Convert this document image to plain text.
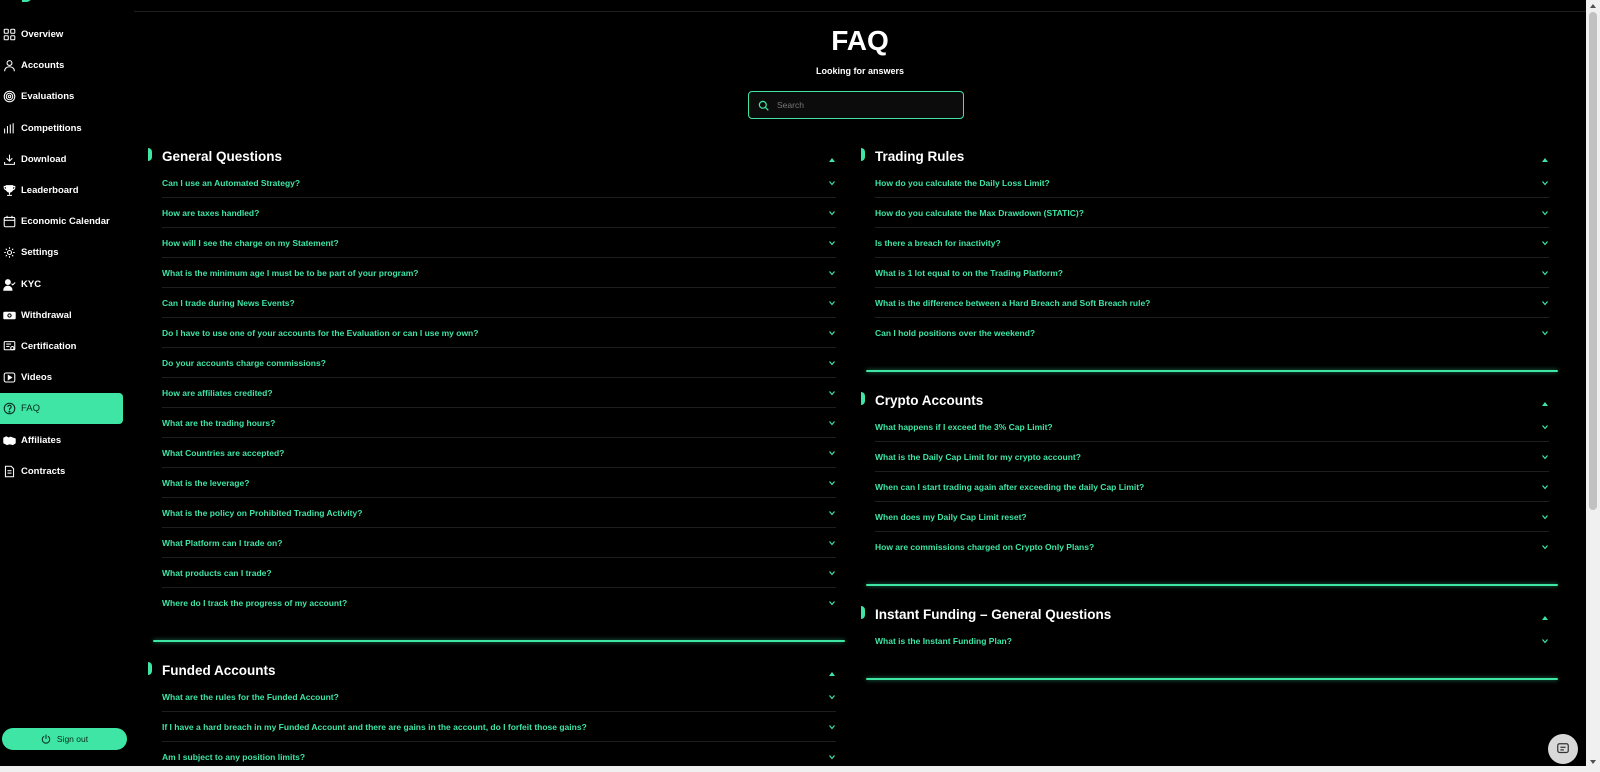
Overview
Accounts
Evaluations
Competitions
Download
Leaderboard
Economic Calendar
Settings
KYC
Withdrawal
Certification
Videos
FAQ
Affiliates
Contracts
Sign out
FAQ
Looking for answers
Search
General Questions
Can I use an Automated Strategy?
How are taxes handled?
How will I see the charge on my Statement?
What is the minimum age I must be to be part of your program?
Can I trade during News Events?
Do I have to use one of your accounts for the Evaluation or can I use my own?
Do your accounts charge commissions?
How are affiliates credited?
What are the trading hours?
What Countries are accepted?
What is the leverage?
What is the policy on Prohibited Trading Activity?
What Platform can I trade on?
What products can I trade?
Where do I track the progress of my account?
Funded Accounts
What are the rules for the Funded Account?
If I have a hard breach in my Funded Account and there are gains in the account, do I forfeit those gains?
Am I subject to any position limits?
Trading Rules
How do you calculate the Daily Loss Limit?
How do you calculate the Max Drawdown (STATIC)?
Is there a breach for inactivity?
What is 1 lot equal to on the Trading Platform?
What is the difference between a Hard Breach and Soft Breach rule?
Can I hold positions over the weekend?
Crypto Accounts
What happens if I exceed the 3% Cap Limit?
What is the Daily Cap Limit for my crypto account?
When can I start trading again after exceeding the daily Cap Limit?
When does my Daily Cap Limit reset?
How are commissions charged on Crypto Only Plans?
Instant Funding – General Questions
What is the Instant Funding Plan?
